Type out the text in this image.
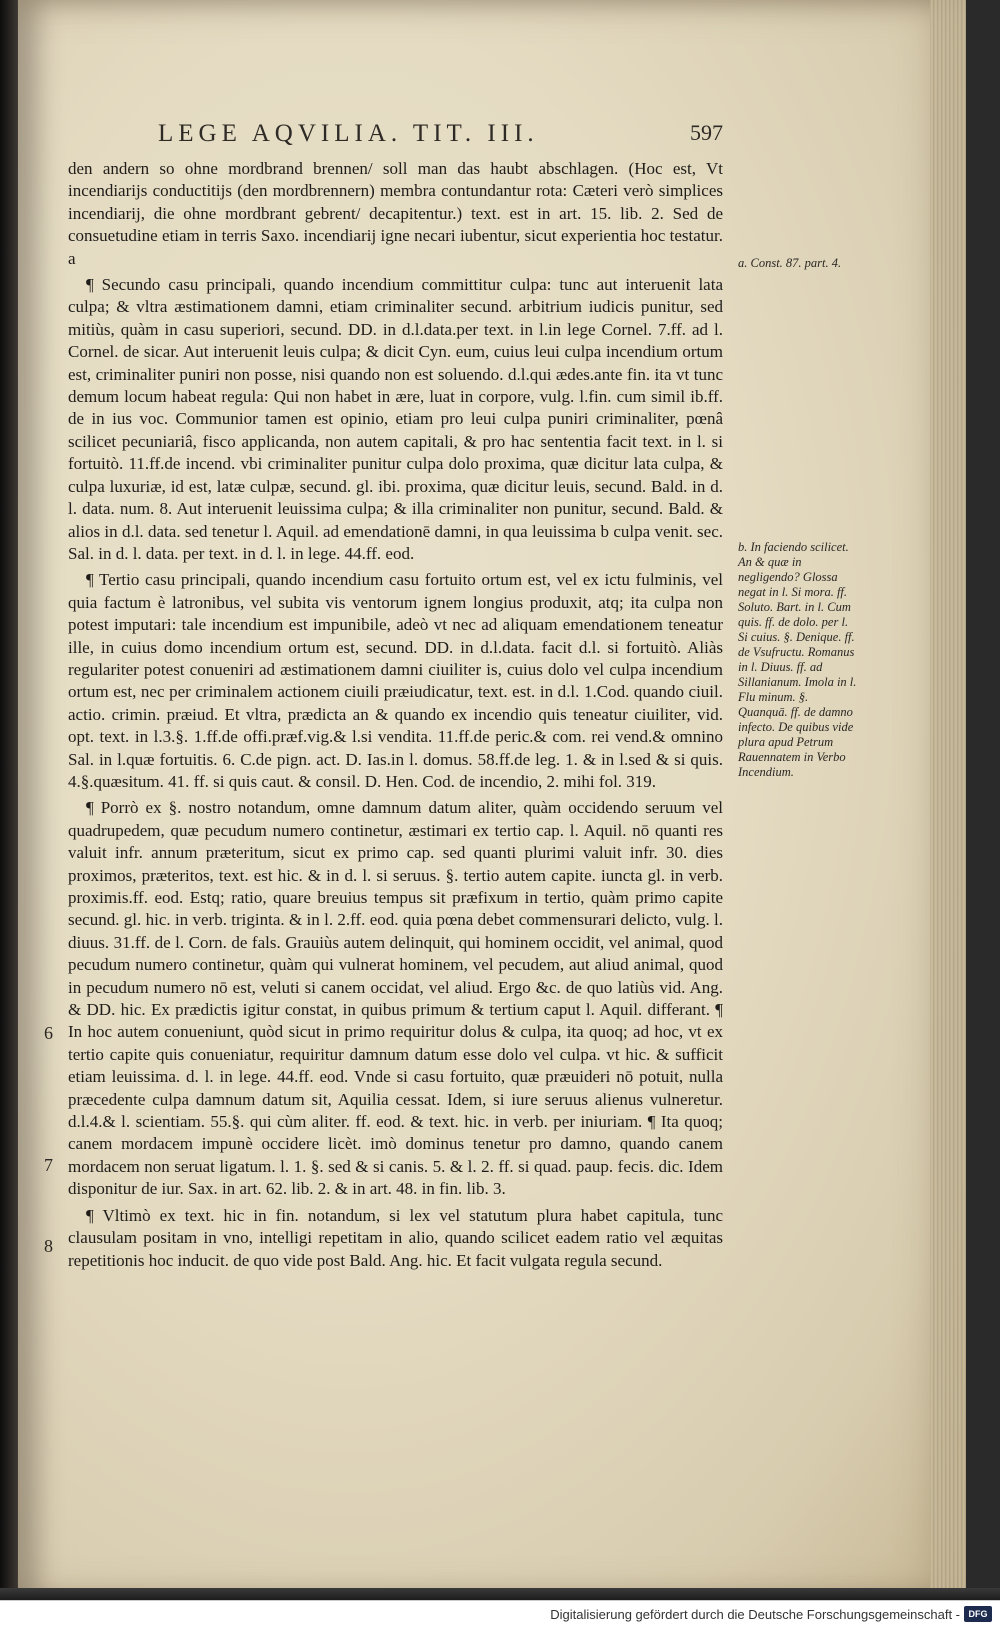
LEGE AQVILIA. TIT. III.	597

den andern so ohne mordbrand brennen/ soll man das haubt abschlagen. (Hoc est, Vt incendiarijs conductitijs (den mordbrennern) membra contundantur rota: Cæteri verò simplices incendiarij, die ohne mordbrant gebrent/ decapitentur.) text. est in art. 15. lib. 2. Sed de consuetudine etiam in terris Saxo. incendiarij igne necari iubentur, sicut experientia hoc testatur. a

¶ Secundo casu principali, quando incendium committitur culpa: tunc aut interuenit lata culpa; & vltra æstimationem damni, etiam criminaliter secund. arbitrium iudicis punitur, sed mitiùs, quàm in casu superiori, secund. DD. in d.l.data.per text. in l.in lege Cornel. 7.ff. ad l. Cornel. de sicar. Aut interuenit leuis culpa; & dicit Cyn. eum, cuius leui culpa incendium ortum est, criminaliter puniri non posse, nisi quando non est soluendo. d.l.qui ædes.ante fin. ita vt tunc demum locum habeat regula: Qui non habet in ære, luat in corpore, vulg. l.fin. cum simil ib.ff. de in ius voc. Communior tamen est opinio, etiam pro leui culpa puniri criminaliter, pœnâ scilicet pecuniariâ, fisco applicanda, non autem capitali, & pro hac sententia facit text. in l. si fortuitò. 11.ff.de incend. vbi criminaliter punitur culpa dolo proxima, quæ dicitur lata culpa, & culpa luxuriæ, id est, latæ culpæ, secund. gl. ibi. proxima, quæ dicitur leuis, secund. Bald. in d. l. data. num. 8. Aut interuenit leuissima culpa; & illa criminaliter non punitur, secund. Bald. & alios in d.l. data. sed tenetur l. Aquil. ad emendationē damni, in qua leuissima b culpa venit. sec. Sal. in d. l. data. per text. in d. l. in lege. 44.ff. eod.

¶ Tertio casu principali, quando incendium casu fortuito ortum est, vel ex ictu fulminis, vel quia factum è latronibus, vel subita vis ventorum ignem longius produxit, atq; ita culpa non potest imputari: tale incendium est impunibile, adeò vt nec ad aliquam emendationem teneatur ille, in cuius domo incendium ortum est, secund. DD. in d.l.data. facit d.l. si fortuitò. Aliàs regulariter potest conueniri ad æstimationem damni ciuiliter is, cuius dolo vel culpa incendium ortum est, nec per criminalem actionem ciuili præiudicatur, text. est. in d.l. 1.Cod. quando ciuil. actio. crimin. præiud. Et vltra, prædicta an & quando ex incendio quis teneatur ciuiliter, vid. opt. text. in l.3.§. 1.ff.de offi.præf.vig.& l.si vendita. 11.ff.de peric.& com. rei vend.& omnino Sal. in l.quæ fortuitis. 6. C.de pign. act. D. Ias.in l. domus. 58.ff.de leg. 1. & in l.sed & si quis. 4.§.quæsitum. 41. ff. si quis caut. & consil. D. Hen. Cod. de incendio, 2. mihi fol. 319.

¶ Porrò ex §. nostro notandum, omne damnum datum aliter, quàm occidendo seruum vel quadrupedem, quæ pecudum numero continetur, æstimari ex tertio cap. l. Aquil. nō quanti res valuit infr. annum præteritum, sicut ex primo cap. sed quanti plurimi valuit infr. 30. dies proximos, præteritos, text. est hic. & in d. l. si seruus. §. tertio autem capite. iuncta gl. in verb. proximis.ff. eod. Estq; ratio, quare breuius tempus sit præfixum in tertio, quàm primo capite secund. gl. hic. in verb. triginta. & in l. 2.ff. eod. quia pœna debet commensurari delicto, vulg. l. diuus. 31.ff. de l. Corn. de fals. Grauiùs autem delinquit, qui hominem occidit, vel animal, quod pecudum numero continetur, quàm qui vulnerat hominem, vel pecudem, aut aliud animal, quod in pecudum numero nō est, veluti si canem occidat, vel aliud. Ergo &c. de quo latiùs vid. Ang. & DD. hic. Ex prædictis igitur constat, in quibus primum & tertium caput l. Aquil. differant. ¶ In hoc autem conueniunt, quòd sicut in primo requiritur dolus & culpa, ita quoq; ad hoc, vt ex tertio capite quis conueniatur, requiritur damnum datum esse dolo vel culpa. vt hic. & sufficit etiam leuissima. d. l. in lege. 44.ff. eod. Vnde si casu fortuito, quæ præuideri nō potuit, nulla præcedente culpa damnum datum sit, Aquilia cessat. Idem, si iure seruus alienus vulneretur. d.l.4.& l. scientiam. 55.§. qui cùm aliter. ff. eod. & text. hic. in verb. per iniuriam. ¶ Ita quoq; canem mordacem impunè occidere licèt. imò dominus tenetur pro damno, quando canem mordacem non seruat ligatum. l. 1. §. sed & si canis. 5. & l. 2. ff. si quad. paup. fecis. dic. Idem disponitur de iur. Sax. in art. 62. lib. 2. & in art. 48. in fin. lib. 3.

¶ Vltimò ex text. hic in fin. notandum, si lex vel statutum plura habet capitula, tunc clausulam positam in vno, intelligi repetitam in alio, quando scilicet eadem ratio vel æquitas repetitionis hoc inducit. de quo vide post Bald. Ang. hic. Et facit vulgata regula secund.

6
7
8
a. Const. 87. part. 4.
b. In faciendo scilicet. An & quæ in negligendo? Glossa negat in l. Si mora. ff. Soluto. Bart. in l. Cum quis. ff. de dolo. per l. Si cuius. §. Denique. ff. de Vsufructu. Romanus in l. Diuus. ff. ad Sillanianum. Imola in l. Flu minum. §. Quanquā. ff. de damno infecto. De quibus vide plura apud Petrum Rauennatem in Verbo Incendium.
Digitalisierung gefördert durch die Deutsche Forschungsgemeinschaft - DFG
